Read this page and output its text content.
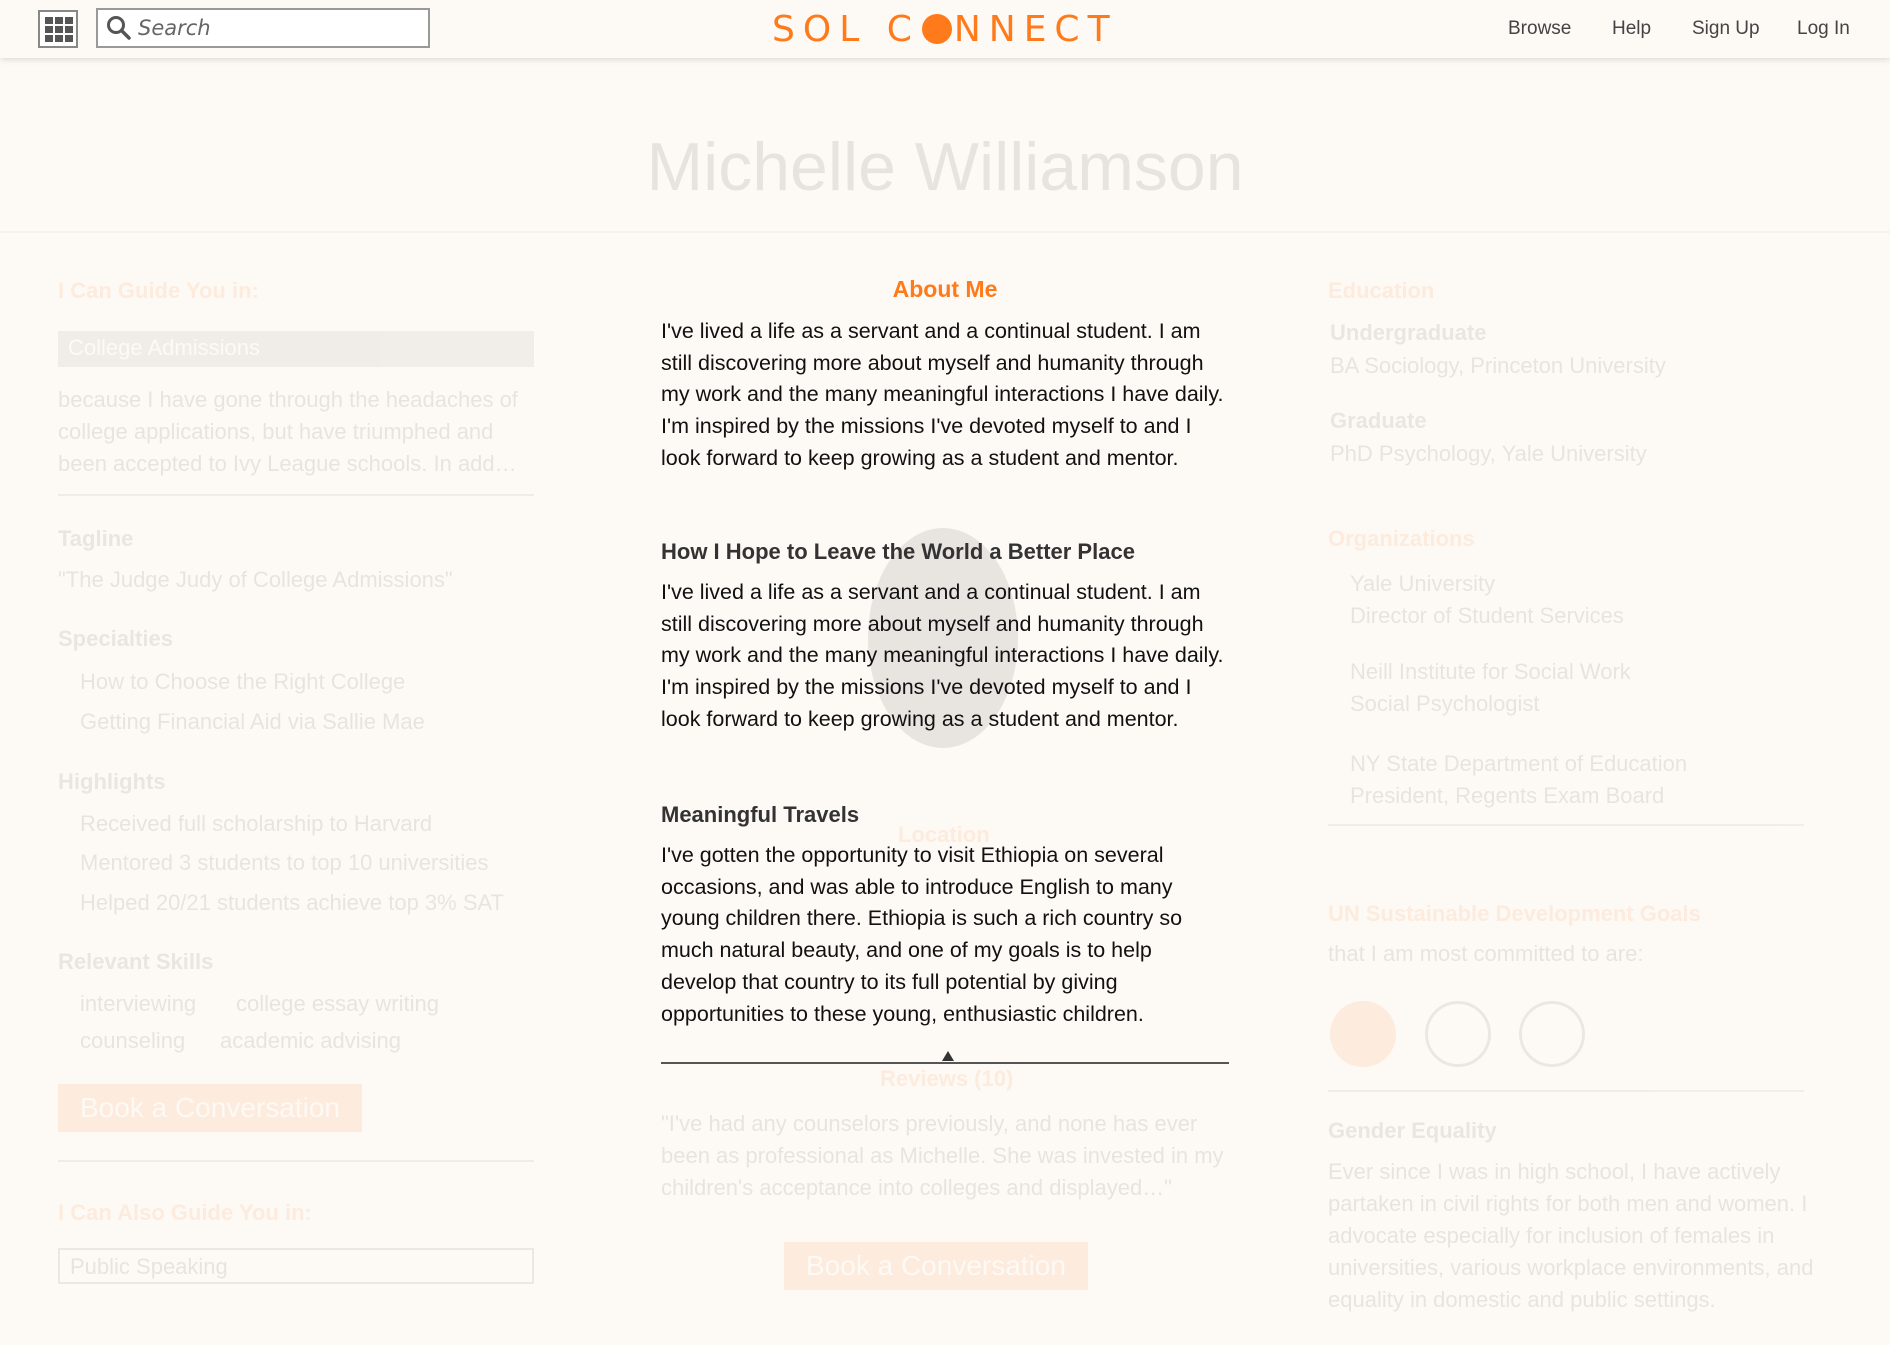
Search
SOL C NNECT	Browse Help Sign Up Log In
Michelle Williamson
I Can Guide You in:
College Admissions
because I have gone through the headaches of college applications, but have triumphed and been accepted to Ivy League schools. In add…
Tagline
"The Judge Judy of College Admissions"
Specialties
How to Choose the Right College
Getting Financial Aid via Sallie Mae
Highlights
Received full scholarship to Harvard
Mentored 3 students to top 10 universities
Helped 20/21 students achieve top 3% SAT
Relevant Skills
interviewing college essay writing
counseling academic advising
Book a Conversation
I Can Also Guide You in:
Public Speaking
Location
Reviews (10)
"I've had any counselors previously, and none has ever been as professional as Michelle. She was invested in my children's acceptance into colleges and displayed…"
Book a Conversation
Education
Undergraduate
BA Sociology, Princeton University
Graduate
PhD Psychology, Yale University
Organizations
Yale University
Director of Student Services
Neill Institute for Social Work
Social Psychologist
NY State Department of Education
President, Regents Exam Board
UN Sustainable Development Goals
that I am most committed to are:
Gender Equality
Ever since I was in high school, I have actively partaken in civil rights for both men and women. I advocate especially for inclusion of females in universities, various workplace environments, and equality in domestic and public settings.
About Me
I've lived a life as a servant and a continual student. I am still discovering more about myself and humanity through my work and the many meaningful interactions I have daily. I'm inspired by the missions I've devoted myself to and I look forward to keep growing as a student and mentor.
How I Hope to Leave the World a Better Place
I've lived a life as a servant and a continual student. I am still discovering more about myself and humanity through my work and the many meaningful interactions I have daily. I'm inspired by the missions I've devoted myself to and I look forward to keep growing as a student and mentor.
Meaningful Travels
I've gotten the opportunity to visit Ethiopia on several occasions, and was able to introduce English to many young children there. Ethiopia is such a rich country so much natural beauty, and one of my goals is to help develop that country to its full potential by giving opportunities to these young, enthusiastic children.
